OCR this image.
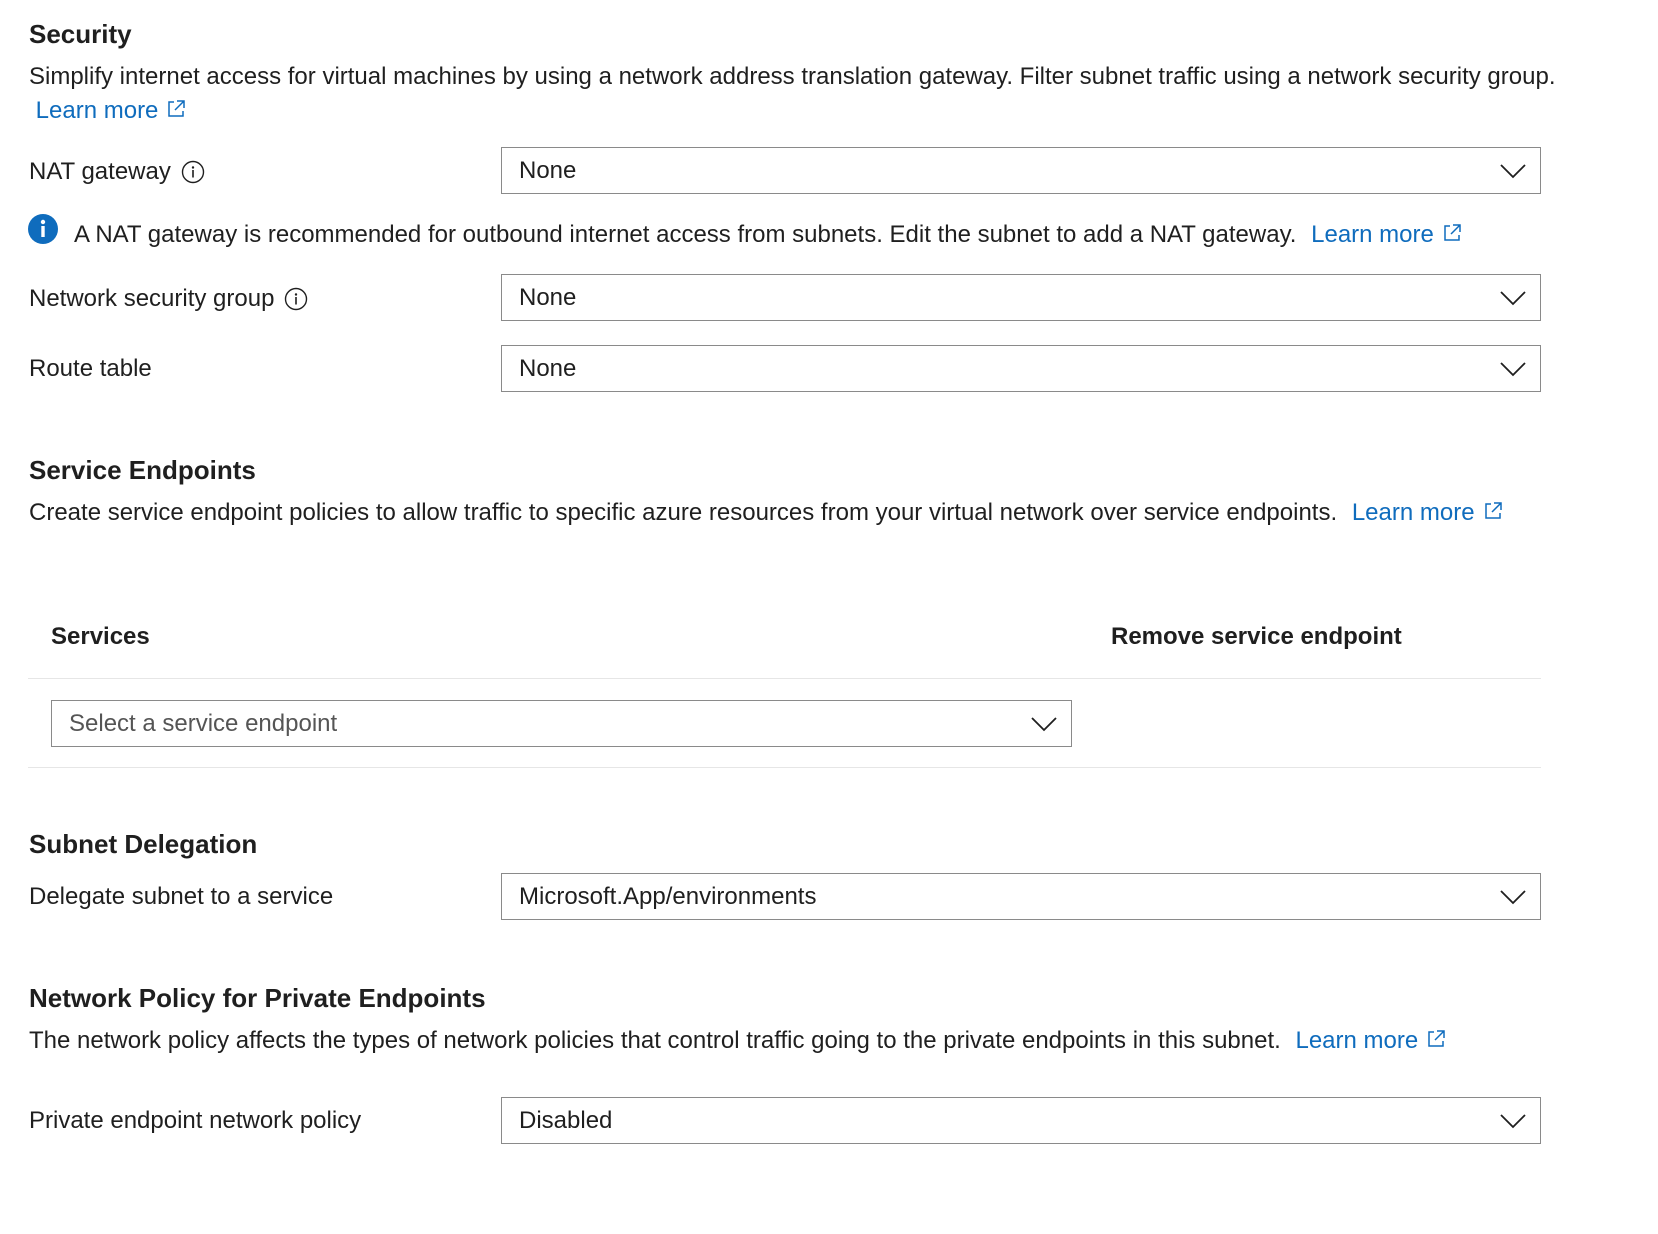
Security
Simplify internet access for virtual machines by using a network address translation gateway. Filter subnet traffic using a network security group.  Learn more
NAT gateway	None
A NAT gateway is recommended for outbound internet access from subnets. Edit the subnet to add a NAT gateway. Learn more
Network security group	None
Route table	None
Service Endpoints
Create service endpoint policies to allow traffic to specific azure resources from your virtual network over service endpoints. Learn more
Services	Remove service endpoint
Select a service endpoint
Subnet Delegation
Delegate subnet to a service	Microsoft.App/environments
Network Policy for Private Endpoints
The network policy affects the types of network policies that control traffic going to the private endpoints in this subnet. Learn more
Private endpoint network policy	Disabled
